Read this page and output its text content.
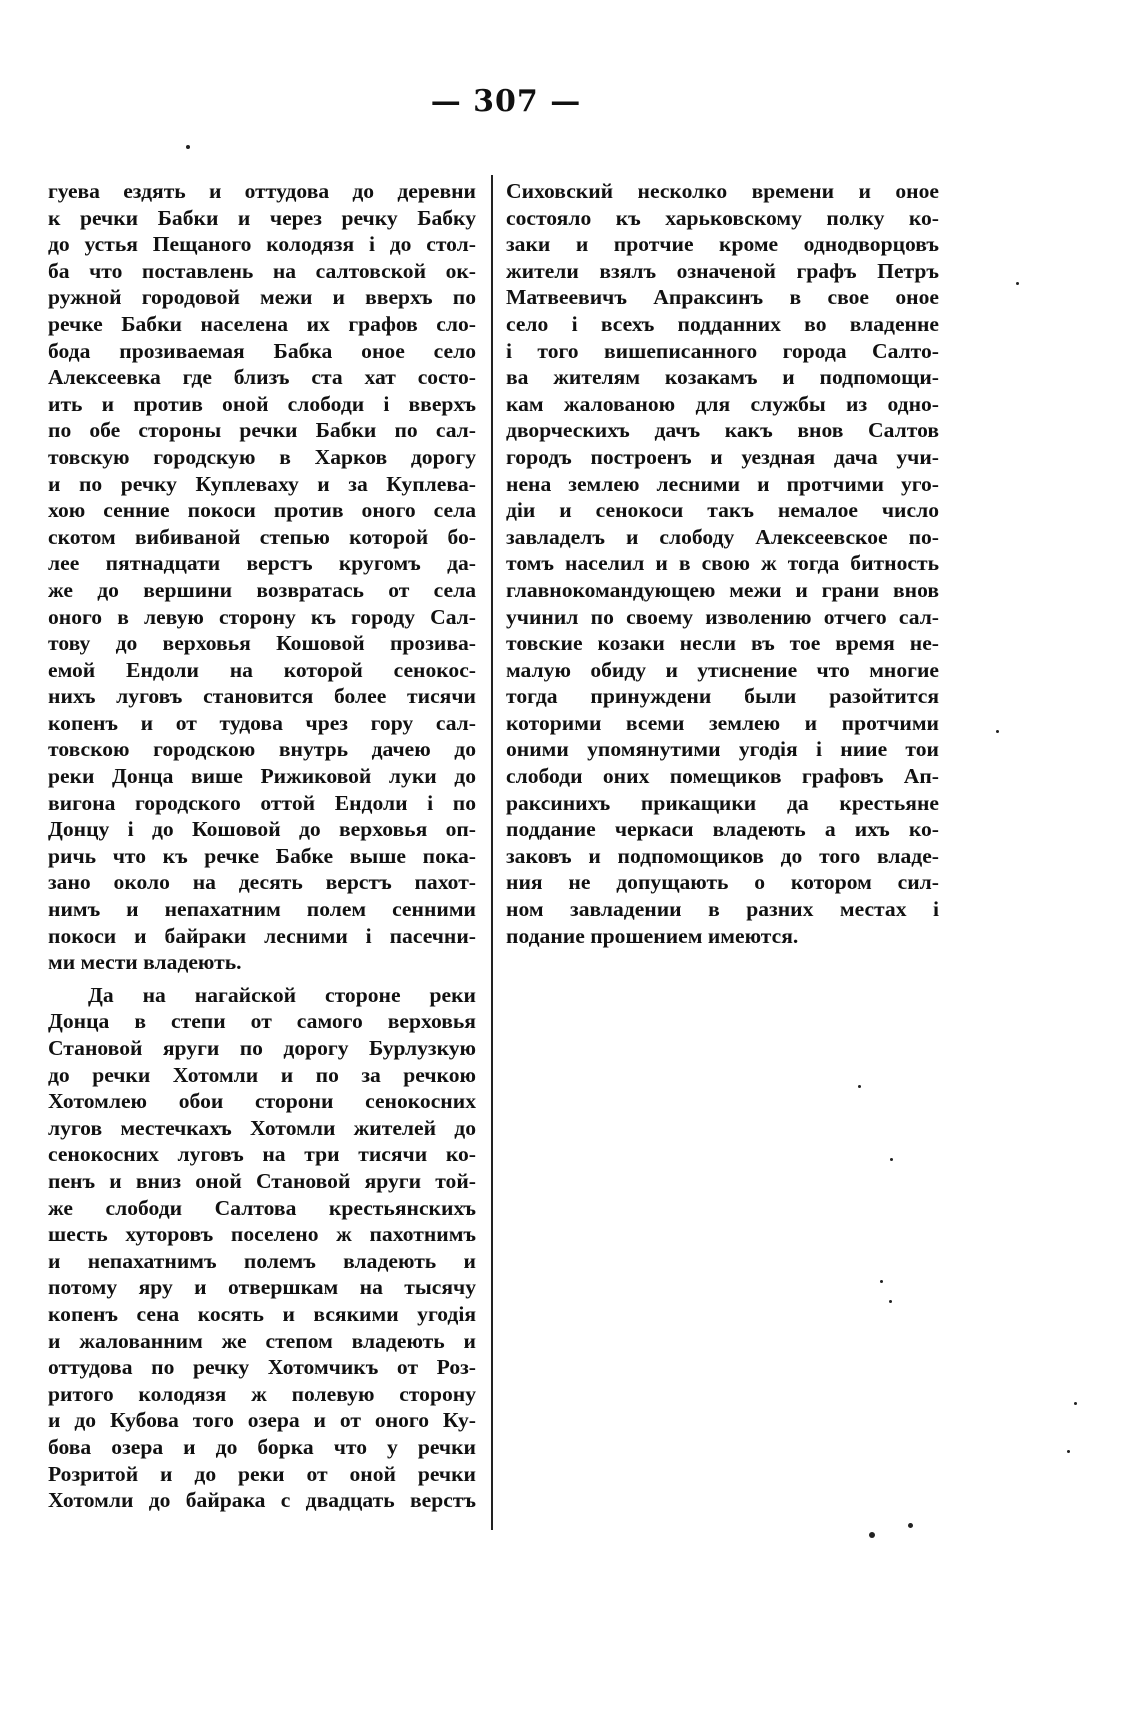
— 307 —
гуева ездять и оттудова до деревни
к речки Бабки и через речку Бабку
до устья Пещаного колодязя і до стол-
ба что поставлень на салтовской ок-
ружной городовой межи и вверхъ по
речке Бабки населена их графов сло-
бода прозиваемая Бабка оное село
Алексеевка где близъ ста хат состо-
ить и против оной слободи і вверхъ
по обе стороны речки Бабки по сал-
товскую городскую в Харков дорогу
и по речку Куплеваху и за Куплева-
хою сенние покоси против оного села
скотом вибиваной степью которой бо-
лее пятнадцати верстъ кругомъ да-
же до вершини возвратась от села
оного в левую сторону къ городу Сал-
тову до верховья Кошовой прозива-
емой Ендоли на которой сенокос-
нихъ луговъ становится более тисячи
копенъ и от тудова чрез гору сал-
товскою городскою внутрь дачею до
реки Донца више Рижиковой луки до
вигона городского оттой Ендоли і по
Донцу і до Кошовой до верховья оп-
ричь что къ речке Бабке выше пока-
зано около на десять верстъ пахот-
нимъ и непахатним полем сенними
покоси и байраки лесними і пасечни-
ми мести владеють.
Да на нагайской стороне реки
Донца в степи от самого верховья
Становой яруги по дорогу Бурлузкую
до речки Хотомли и по за речкою
Хотомлею обои сторони сенокосних
лугов местечкахъ Хотомли жителей до
сенокосних луговъ на три тисячи ко-
пенъ и вниз оной Становой яруги той-
же слободи Салтова крестьянскихъ
шесть хуторовъ поселено ж пахотнимъ
и непахатнимъ полемъ владеють и
потому яру и отвершкам на тысячу
копенъ сена косять и всякими угодія
и жалованним же степом владеють и
оттудова по речку Хотомчикъ от Роз-
ритого колодязя ж полевую сторону
и до Кубова того озера и от оного Ку-
бова озера и до борка что у речки
Розритой и до реки от оной речки
Хотомли до байрака с двадцать верстъ
Сиховский несколко времени и оное
состояло къ харьковскому полку ко-
заки и протчие кроме однодворцовъ
жители взялъ означеной графъ Петръ
Матвеевичъ Апраксинъ в свое оное
село і всехъ подданних во владенне
і того вишеписанного города Салто-
ва жителям козакамъ и подпомощи-
кам жалованою для службы из одно-
дворческихъ дачъ какъ внов Салтов
городъ построенъ и уездная дача учи-
нена землею лесними и протчими уго-
діи и сенокоси такъ немалое число
завладелъ и слободу Алексеевское по-
томъ населил и в свою ж тогда битность
главнокомандующею межи и грани внов
учинил по своему изволению отчего сал-
товские козаки несли въ тое время не-
малую обиду и утиснение что многие
тогда принуждени были разойтится
которими всеми землею и протчими
оними упомянутими угодія і ниие тои
слободи оних помещиков графовъ Ап-
раксинихъ прикащики да крестьяне
поддание черкаси владеють а ихъ ко-
заковъ и подпомощиков до того владе-
ния не допущають о котором сил-
ном завладении в разних местах і
подание прошением имеются.
